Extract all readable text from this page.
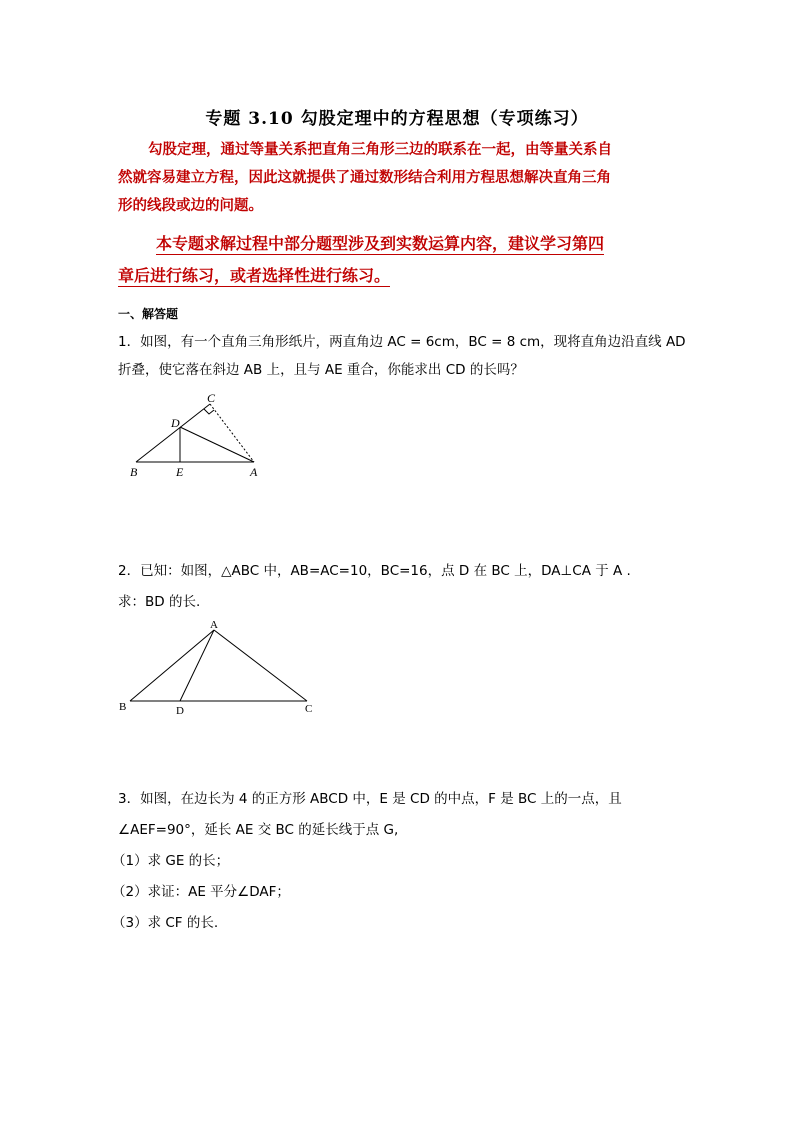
专题 3.10 勾股定理中的方程思想（专项练习）
勾股定理，通过等量关系把直角三角形三边的联系在一起，由等量关系自
然就容易建立方程，因此这就提供了通过数形结合利用方程思想解决直角三角
形的线段或边的问题。
本专题求解过程中部分题型涉及到实数运算内容，建议学习第四
章后进行练习，或者选择性进行练习。
一、解答题
1．如图，有一个直角三角形纸片，两直角边 AC = 6cm，BC = 8 cm，现将直角边沿直线 AD
折叠，使它落在斜边 AB 上，且与 AE 重合，你能求出 CD 的长吗？
B	E	A
D
C
2．已知：如图，△ABC 中，AB=AC=10，BC=16，点 D 在 BC 上，DA⊥CA 于 A .
求：BD 的长.
A
B	D	C
3．如图，在边长为 4 的正方形 ABCD 中，E 是 CD 的中点，F 是 BC 上的一点，且
∠AEF=90°，延长 AE 交 BC 的延长线于点 G,
（1）求 GE 的长；
（2）求证：AE 平分∠DAF；
（3）求 CF 的长.
